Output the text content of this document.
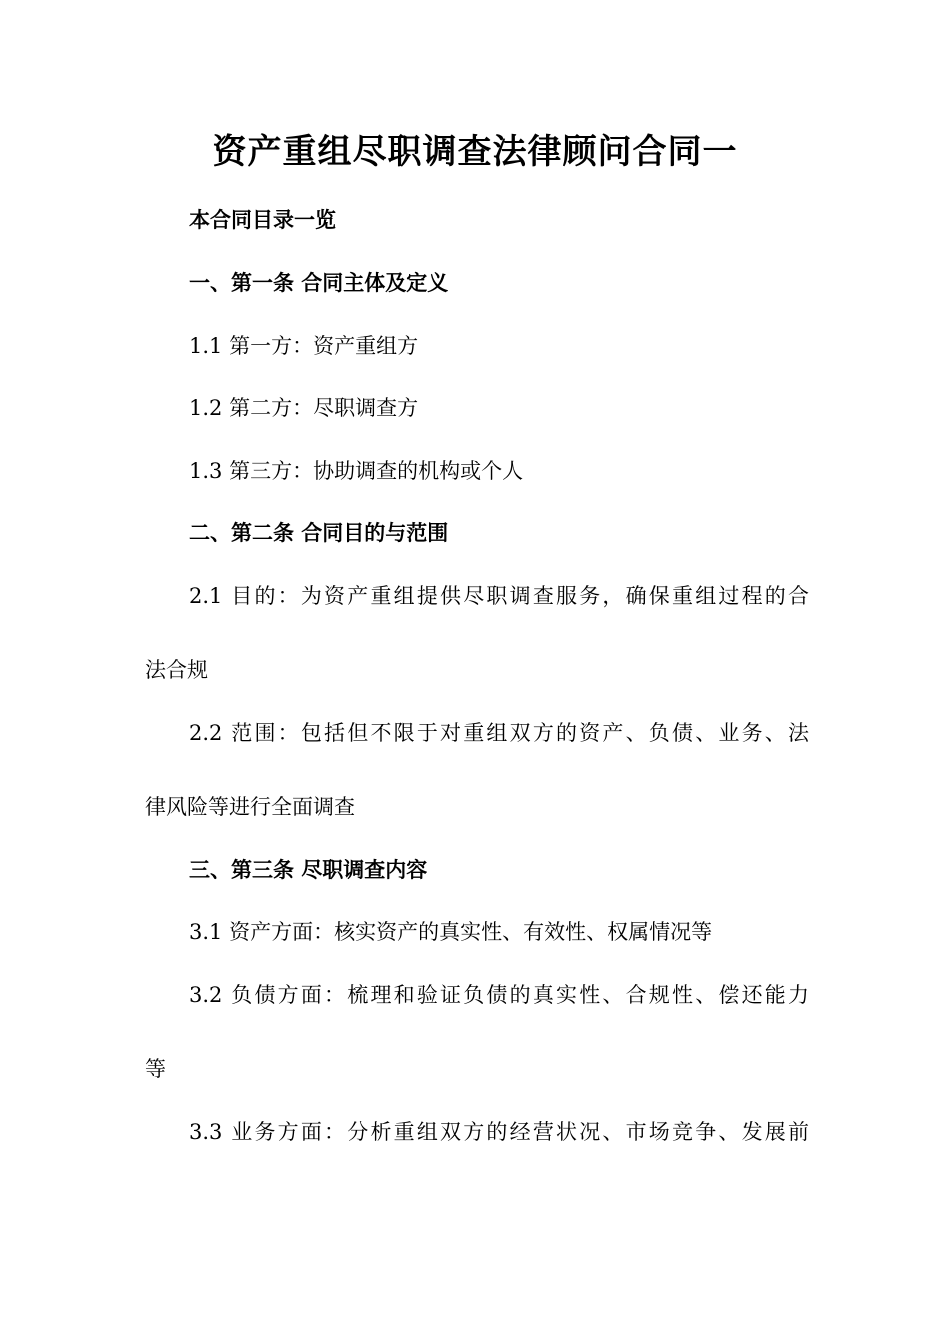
资产重组尽职调查法律顾问合同一
本合同目录一览
一、第一条 合同主体及定义
1.1 第一方：资产重组方
1.2 第二方：尽职调查方
1.3 第三方：协助调查的机构或个人
二、第二条 合同目的与范围
2.1 目的：为资产重组提供尽职调查服务，确保重组过程的合
法合规
2.2 范围：包括但不限于对重组双方的资产、负债、业务、法
律风险等进行全面调查
三、第三条 尽职调查内容
3.1 资产方面：核实资产的真实性、有效性、权属情况等
3.2 负债方面：梳理和验证负债的真实性、合规性、偿还能力
等
3.3 业务方面：分析重组双方的经营状况、市场竞争、发展前
